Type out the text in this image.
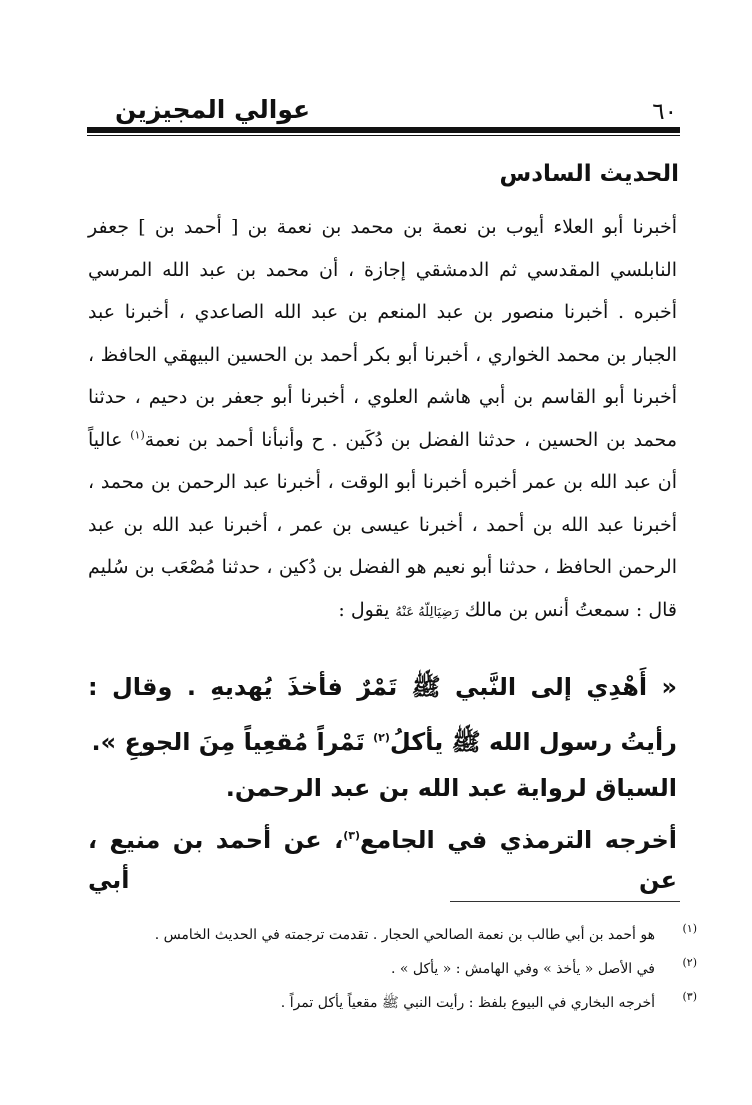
عوالي المجيزين	٦٠
الحديث السادس
أخبرنا أبو العلاء أيوب بن نعمة بن محمد بن نعمة بن [ أحمد بن ] جعفر النابلسي المقدسي ثم الدمشقي إجازة ، أن محمد بن عبد الله المرسي أخبره . أخبرنا منصور بن عبد المنعم بن عبد الله الصاعدي ، أخبرنا عبد الجبار بن محمد الخواري ، أخبرنا أبو بكر أحمد بن الحسين البيهقي الحافظ ، أخبرنا أبو القاسم بن أبي هاشم العلوي ، أخبرنا أبو جعفر بن دحيم ، حدثنا محمد بن الحسين ، حدثنا الفضل بن دُكَين . ح وأنبأنا أحمد بن نعمة$^{(١)}$ عالياً أن عبد الله بن عمر أخبره أخبرنا أبو الوقت ، أخبرنا عبد الرحمن بن محمد ، أخبرنا عبد الله بن أحمد ، أخبرنا عيسى بن عمر ، أخبرنا عبد الله بن عبد الرحمن الحافظ ، حدثنا أبو نعيم هو الفضل بن دُكين ، حدثنا مُصْعَب بن سُليم قال : سمعتُ أنس بن مالك رَضِيَالِلّهُ عَنْهُ يقول :
« أَهْدِي إلى النَّبي ﷺ تَمْرٌ فأخذَ يُهديهِ . وقال : رأيتُ رسول الله ﷺ يأكلُ$^{(٢)}$ تَمْراً مُقعِياً مِنَ الجوعِ ».
السياق لرواية عبد الله بن عبد الرحمن.
أخرجه الترمذي في الجامع$^{(٣)}$، عن أحمد بن منيع ، عن أبي
(١)
هو أحمد بن أبي طالب بن نعمة الصالحي الحجار . تقدمت ترجمته في الحديث الخامس .
(٢)
في الأصل « يأخذ » وفي الهامش : « يأكل » .
(٣)
أخرجه البخاري في البيوع بلفظ : رأيت النبي ﷺ مقعياً يأكل تمراً .
